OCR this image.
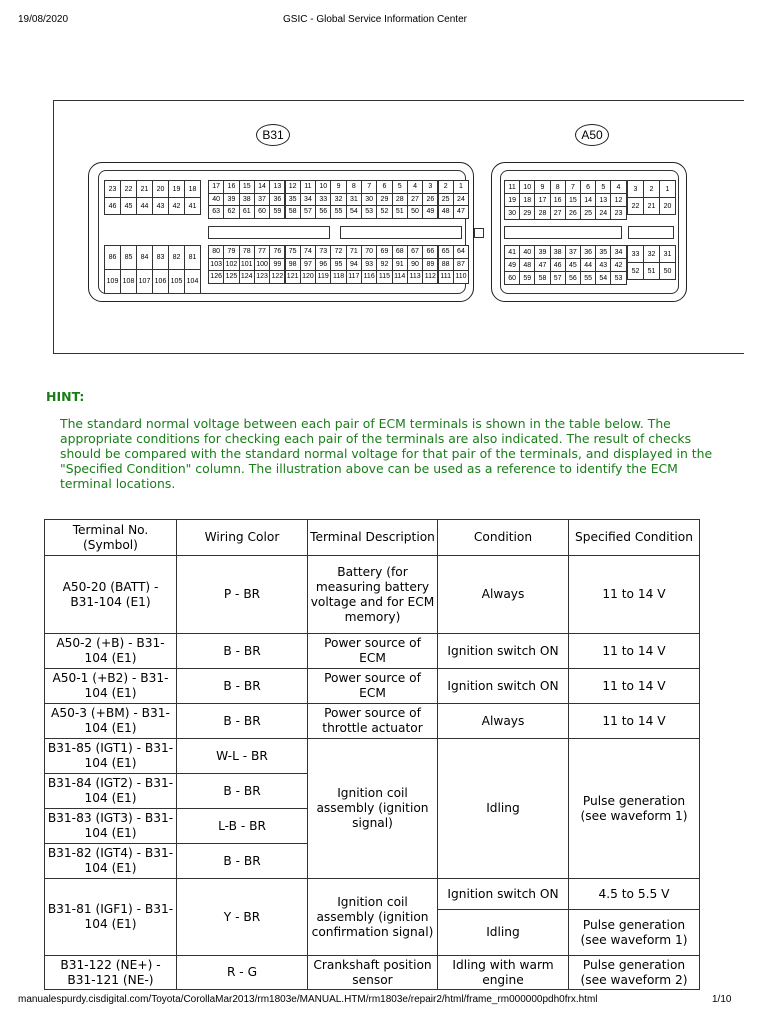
19/08/2020	GSIC - Global Service Information Center
B31	A50
23	22	21	20	19	18
46	45	44	43	42	41
17	16	15	14	13	12	11	10	9	8	7	6	5	4	3	2	1
40	39	38	37	36	35	34	33	32	31	30	29	28	27	26	25	24
63	62	61	60	59	58	57	56	55	54	53	52	51	50	49	48	47
86	85	84	83	82	81
109 108 107 106 105 104
80	79	78	77	76	75	74	73	72	71	70	69	68	67	66	65	64
103 102 101 100 99	98	97	96	95	94	93	92	91	90	89	88	87
126 125 124 123 122 121 120 119 118 117 116 115 114 113 112 111 110
11	10	9	8	7	6	5	4
19	18	17	16	15	14	13	12
30	29	28	27	26	25	24	23
3	2	1
22	21	20
41	40	39	38	37	36	35	34
49	48	47	46	45	44	43	42
60	59	58	57	56	55	54	53
33	32	31
52	51	50
HINT:
The standard normal voltage between each pair of ECM terminals is shown in the table below. The appropriate conditions for checking each pair of the terminals are also indicated. The result of checks should be compared with the standard normal voltage for that pair of the terminals, and displayed in the "Specified Condition" column. The illustration above can be used as a reference to identify the ECM terminal locations.
Terminal No. (Symbol)	Wiring Color	Terminal Description	Condition	Specified Condition
A50-20 (BATT) - B31-104 (E1)	P - BR	Battery (for measuring battery voltage and for ECM memory)	Always	11 to 14 V
A50-2 (+B) - B31-104 (E1)	B - BR	Power source of ECM	Ignition switch ON	11 to 14 V
A50-1 (+B2) - B31-104 (E1)	B - BR	Power source of ECM	Ignition switch ON	11 to 14 V
A50-3 (+BM) - B31-104 (E1)	B - BR	Power source of throttle actuator	Always	11 to 14 V
B31-85 (IGT1) - B31-104 (E1)	W-L - BR	Ignition coil assembly (ignition signal)	Idling	Pulse generation (see waveform 1)
B31-84 (IGT2) - B31-104 (E1)	B - BR			
B31-83 (IGT3) - B31-104 (E1)	L-B - BR			
B31-82 (IGT4) - B31-104 (E1)	B - BR			
B31-81 (IGF1) - B31-104 (E1)	Y - BR	Ignition coil assembly (ignition confirmation signal)	Ignition switch ON	4.5 to 5.5 V
			Idling	Pulse generation (see waveform 1)
B31-122 (NE+) - B31-121 (NE-)	R - G	Crankshaft position sensor	Idling with warm engine	Pulse generation (see waveform 2)
manualespurdy.cisdigital.com/Toyota/CorollaMar2013/rm1803e/MANUAL.HTM/rm1803e/repair2/html/frame_rm000000pdh0frx.html	1/10
